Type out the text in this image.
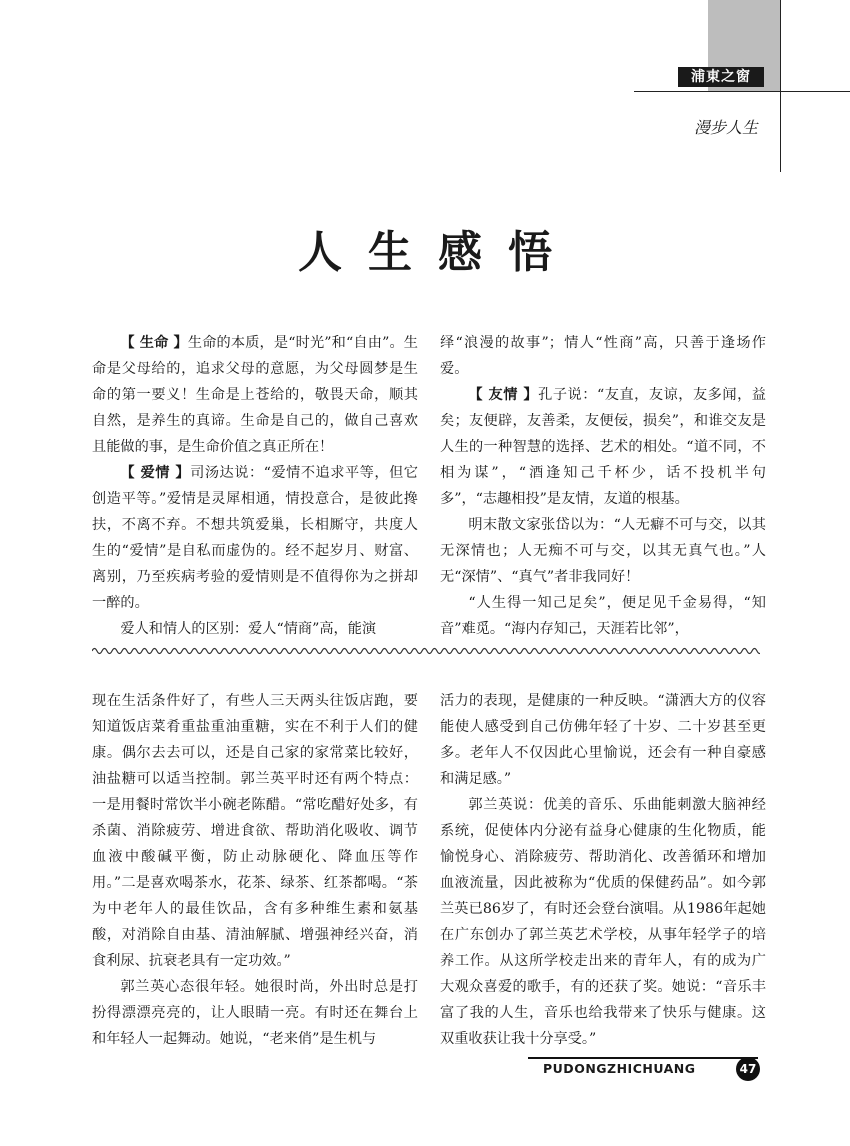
浦東之窗
漫步人生
人生感悟

【 生命 】生命的本质，是“时光”和“自由”。生命是父母给的，追求父母的意愿，为父母圆梦是生命的第一要义！生命是上苍给的，敬畏天命，顺其自然，是养生的真谛。生命是自己的，做自己喜欢且能做的事，是生命价值之真正所在！

【 爱情 】司汤达说：“爱情不追求平等，但它创造平等。”爱情是灵犀相通，情投意合，是彼此搀扶，不离不弃。不想共筑爱巢，长相厮守，共度人生的“爱情”是自私而虚伪的。经不起岁月、财富、离别，乃至疾病考验的爱情则是不值得你为之拼却一醉的。

爱人和情人的区别：爱人“情商”高，能演

绎“浪漫的故事”；情人“性商”高，只善于逢场作爱。

【 友情 】孔子说：“友直，友谅，友多闻，益矣；友便辟，友善柔，友便佞，损矣”，和谁交友是人生的一种智慧的选择、艺术的相处。“道不同，不相为谋”，“酒逢知己千杯少，话不投机半句多”，“志趣相投”是友情，友道的根基。

明末散文家张岱以为：“人无癖不可与交，以其无深情也；人无痴不可与交，以其无真气也。”人无“深情”、“真气”者非我同好！

“人生得一知己足矣”，便足见千金易得，“知音”难觅。“海内存知己，天涯若比邻”，

现在生活条件好了，有些人三天两头往饭店跑，要知道饭店菜肴重盐重油重糖，实在不利于人们的健康。偶尔去去可以，还是自己家的家常菜比较好，油盐糖可以适当控制。郭兰英平时还有两个特点：一是用餐时常饮半小碗老陈醋。“常吃醋好处多，有杀菌、消除疲劳、增进食欲、帮助消化吸收、调节血液中酸碱平衡，防止动脉硬化、降血压等作用。”二是喜欢喝茶水，花茶、绿茶、红茶都喝。“茶为中老年人的最佳饮品，含有多种维生素和氨基酸，对消除自由基、清油解腻、增强神经兴奋，消食利尿、抗衰老具有一定功效。”

郭兰英心态很年轻。她很时尚，外出时总是打扮得漂漂亮亮的，让人眼睛一亮。有时还在舞台上和年轻人一起舞动。她说，“老来俏”是生机与

活力的表现，是健康的一种反映。“潇洒大方的仪容能使人感受到自己仿佛年轻了十岁、二十岁甚至更多。老年人不仅因此心里愉说，还会有一种自豪感和满足感。”

郭兰英说：优美的音乐、乐曲能刺激大脑神经系统，促使体内分泌有益身心健康的生化物质，能愉悦身心、消除疲劳、帮助消化、改善循环和增加血液流量，因此被称为“优质的保健药品”。如今郭兰英已86岁了，有时还会登台演唱。从1986年起她在广东创办了郭兰英艺术学校，从事年轻学子的培养工作。从这所学校走出来的青年人，有的成为广大观众喜爱的歌手，有的还获了奖。她说：“音乐丰富了我的人生，音乐也给我带来了快乐与健康。这双重收获让我十分享受。”

PUDONGZHICHUANG	47
